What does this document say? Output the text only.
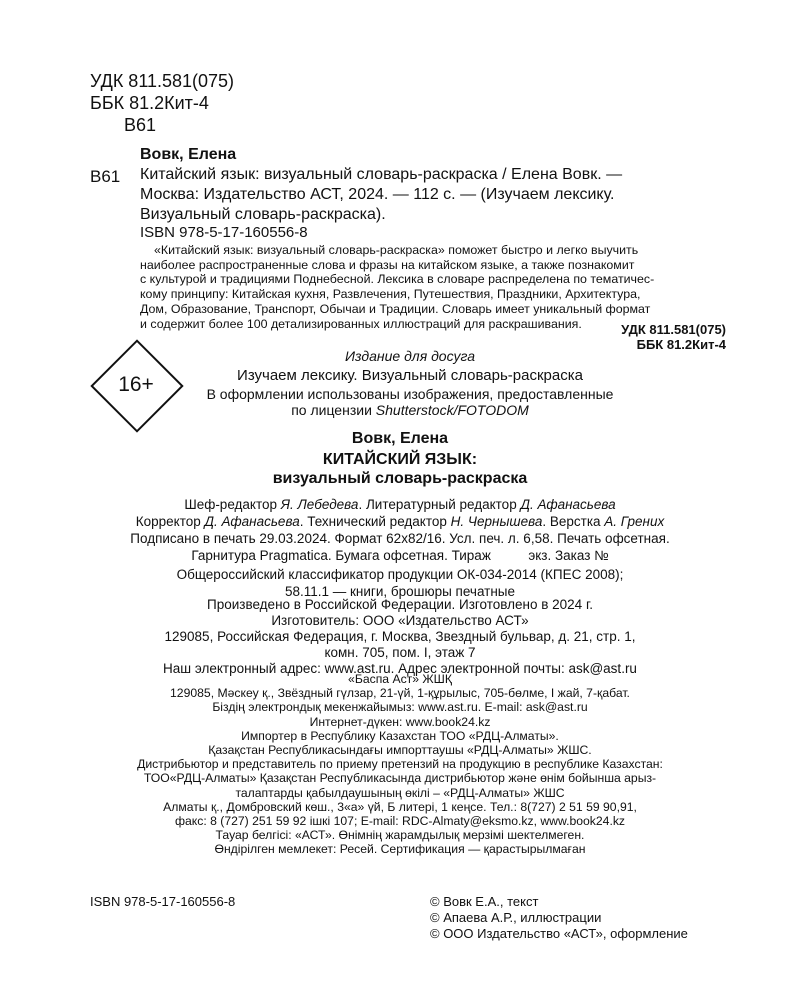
УДК 811.581(075)
ББК 81.2Кит-4
В61
Вовк, Елена
В61 Китайский язык: визуальный словарь-раскраска / Елена Вовк. —
Москва: Издательство АСТ, 2024. — 112 с. — (Изучаем лексику.
Визуальный словарь-раскраска).
ISBN 978-5-17-160556-8
«Китайский язык: визуальный словарь-раскраска» поможет быстро и легко выучить
наиболее распространенные слова и фразы на китайском языке, а также познакомит
с культурой и традициями Поднебесной. Лексика в словаре распределена по тематичес-
кому принципу: Китайская кухня, Развлечения, Путешествия, Праздники, Архитектура,
Дом, Образование, Транспорт, Обычаи и Традиции. Словарь имеет уникальный формат
и содержит более 100 детализированных иллюстраций для раскрашивания.	УДК 811.581(075)
ББК 81.2Кит-4
16+
Издание для досуга
Изучаем лексику. Визуальный словарь-раскраска
В оформлении использованы изображения, предоставленные
по лицензии Shutterstock/FOTODOM
Вовк, Елена
КИТАЙСКИЙ ЯЗЫК:
визуальный словарь-раскраска
Шеф-редактор Я. Лебедева. Литературный редактор Д. Афанасьева
Корректор Д. Афанасьева. Технический редактор Н. Чернышева. Верстка А. Грених
Подписано в печать 29.03.2024. Формат 62x82/16. Усл. печ. л. 6,58. Печать офсетная.
Гарнитура Pragmatica. Бумага офсетная. Тираж          экз. Заказ №
Общероссийский классификатор продукции ОК-034-2014 (КПЕС 2008);
58.11.1 — книги, брошюры печатные
Произведено в Российской Федерации. Изготовлено в 2024 г.
Изготовитель: ООО «Издательство АСТ»
129085, Российская Федерация, г. Москва, Звездный бульвар, д. 21, стр. 1,
комн. 705, пом. I, этаж 7
Наш электронный адрес: www.ast.ru. Адрес электронной почты: ask@ast.ru
«Баспа Аст» ЖШҚ
129085, Мәскеу қ., Звёздный гүлзар, 21-үй, 1-құрылыс, 705-бөлме, I жай, 7-қабат.
Біздің электрондық мекенжайымыз: www.ast.ru. E-mail: ask@ast.ru
Интернет-дүкен: www.book24.kz
Импортер в Республику Казахстан ТОО «РДЦ-Алматы».
Қазақстан Республикасындағы импорттаушы «РДЦ-Алматы» ЖШС.
Дистрибьютор и представитель по приему претензий на продукцию в республике Казахстан:
ТОО«РДЦ-Алматы» Қазақстан Республикасында дистрибьютор және өнім бойынша арыз-
талаптарды қабылдаушының өкілі – «РДЦ-Алматы» ЖШС
Алматы қ., Домбровский көш., 3«а» үй, Б литері, 1 кеңсе. Тел.: 8(727) 2 51 59 90,91,
факс: 8 (727) 251 59 92 ішкі 107; E-mail: RDC-Almaty@eksmo.kz, www.book24.kz
Тауар белгісі: «АСТ». Өнімнің жарамдылық мерзімі шектелмеген.
Өндірілген мемлекет: Ресей. Сертификация — қарастырылмаған
ISBN 978-5-17-160556-8	© Вовк Е.А., текст
© Апаева А.Р., иллюстрации
© ООО Издательство «АСТ», оформление
